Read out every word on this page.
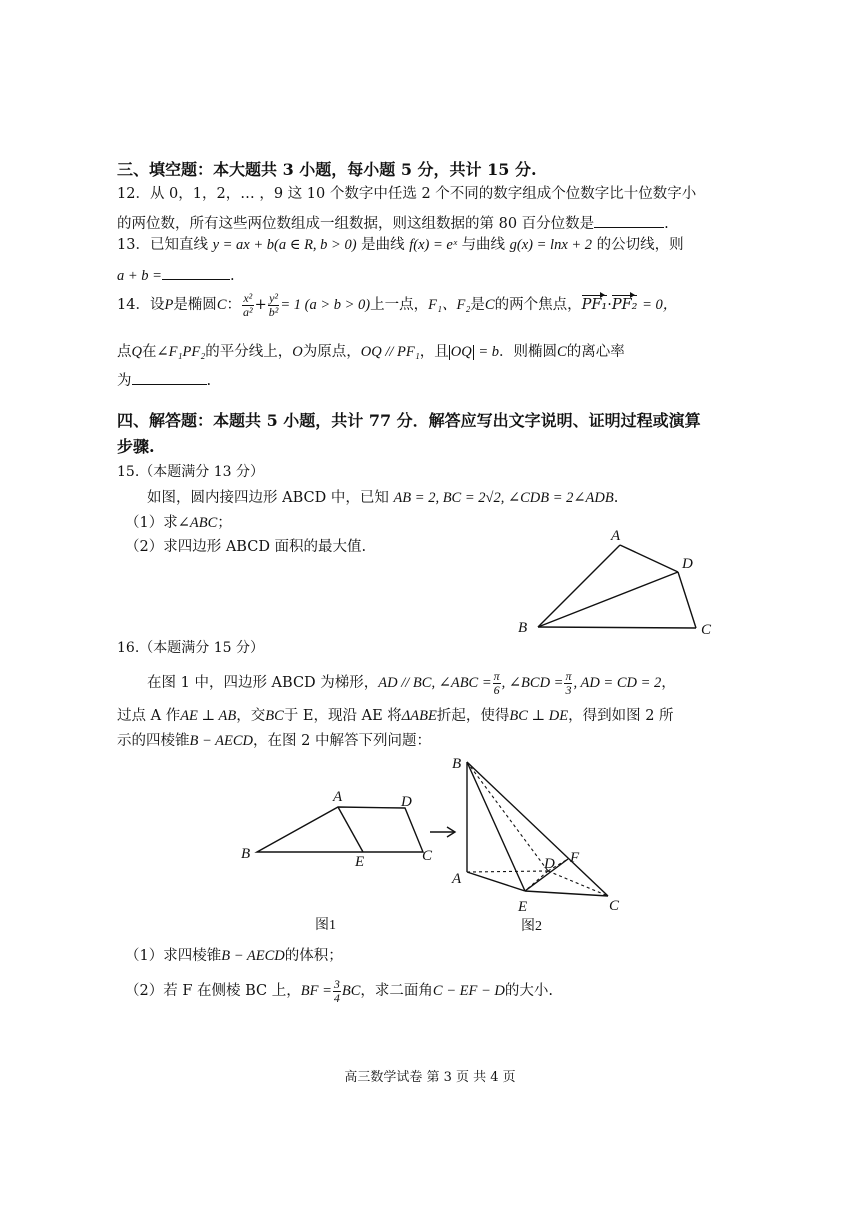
三、填空题：本大题共 3 小题，每小题 5 分，共计 15 分.
12．从 0，1，2，… ，9 这 10 个数字中任选 2 个不同的数字组成个位数字比十位数字小
的两位数，所有这些两位数组成一组数据，则这组数据的第 80 百分位数是	.
13．已知直线 y = ax + b(a ∈ R, b > 0) 是曲线 f(x) = eˣ 与曲线 g(x) = lnx + 2 的公切线，则
a + b =	.
14．设P是椭圆C： $\frac{\text{x²}}{\text{a²}} + \frac{\text{y²}}{\text{b²}} = 1$ (a > b > 0)上一点，F₁、F₂是C的两个焦点，PF₁·PF₂ = 0，
点Q在∠F₁PF₂的平分线上，O为原点，OQ // PF₁，且 OQ = b．则椭圆C的离心率
为	.
四、解答题：本题共 5 小题，共计 77 分．解答应写出文字说明、证明过程或演算
步骤.
15.（本题满分 13 分）
如图，圆内接四边形 ABCD 中，已知 AB = 2, BC = 2√2, ∠CDB = 2∠ADB.
（1）求∠ABC；
（2）求四边形 ABCD 面积的最大值.
A
D
B	C
16.（本题满分 15 分）
在图 1 中，四边形 ABCD 为梯形，AD // BC, ∠ABC = $\frac{\pi}{6}$ , ∠BCD = $\frac{\pi}{3}$ , AD = CD = 2，
过点 A 作AE ⊥ AB，交BC于 E，现沿 AE 将ΔABE折起，使得BC ⊥ DE，得到如图 2 所
示的四棱锥B − AECD，在图 2 中解答下列问题：
A	D
B	E	C
图1
B
A
D F
E	C
图2
（1）求四棱锥B − AECD的体积；
（2）若 F 在侧棱 BC 上，BF = $\frac{3}{4}$ BC，求二面角C − EF − D的大小.
高三数学试卷 第 3 页 共 4 页
